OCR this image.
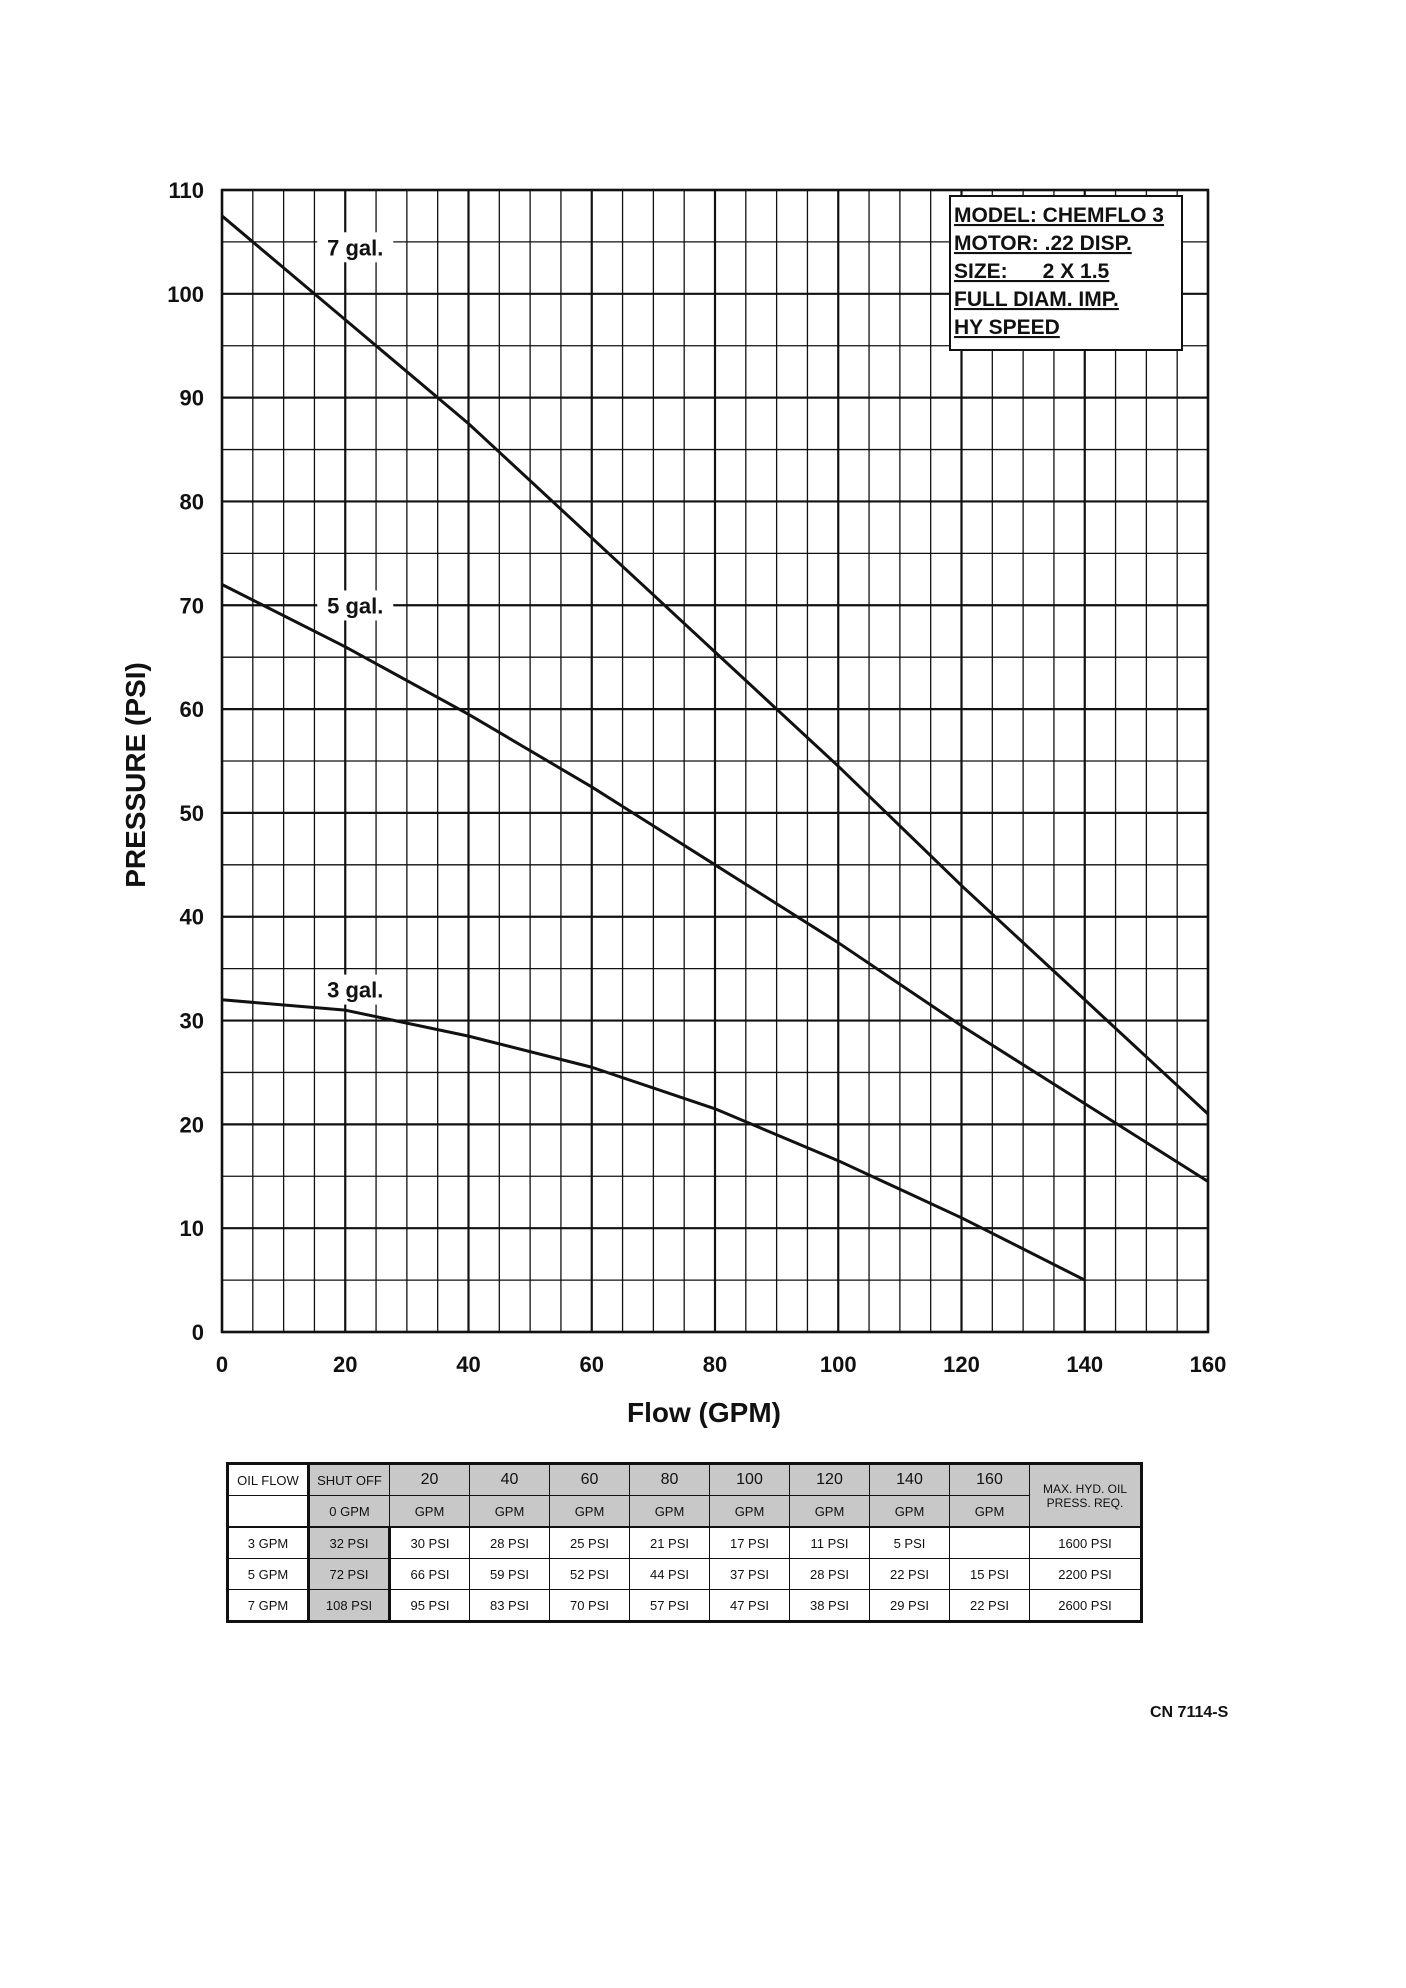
7 gal.
5 gal.
3 gal.
0	20	40	60	80	100	120	140	160
0
10
20
30
40
50
60
70
80
90
100
110
PRESSURE (PSI)
Flow (GPM)
MODEL: CHEMFLO 3
MOTOR: .22 DISP.
SIZE:      2 X 1.5
FULL DIAM. IMP.
HY SPEED
OIL FLOW	SHUT OFF	20	40	60	80	100	120	140	160	MAX. HYD. OIL PRESS. REQ.
	0 GPM	GPM	GPM	GPM	GPM	GPM	GPM	GPM	GPM	
3 GPM	32 PSI	30 PSI	28 PSI	25 PSI	21 PSI	17 PSI	11 PSI	5 PSI		1600 PSI
5 GPM	72 PSI	66 PSI	59 PSI	52 PSI	44 PSI	37 PSI	28 PSI	22 PSI	15 PSI	2200 PSI
7 GPM	108 PSI	95 PSI	83 PSI	70 PSI	57 PSI	47 PSI	38 PSI	29 PSI	22 PSI	2600 PSI
CN 7114-S
